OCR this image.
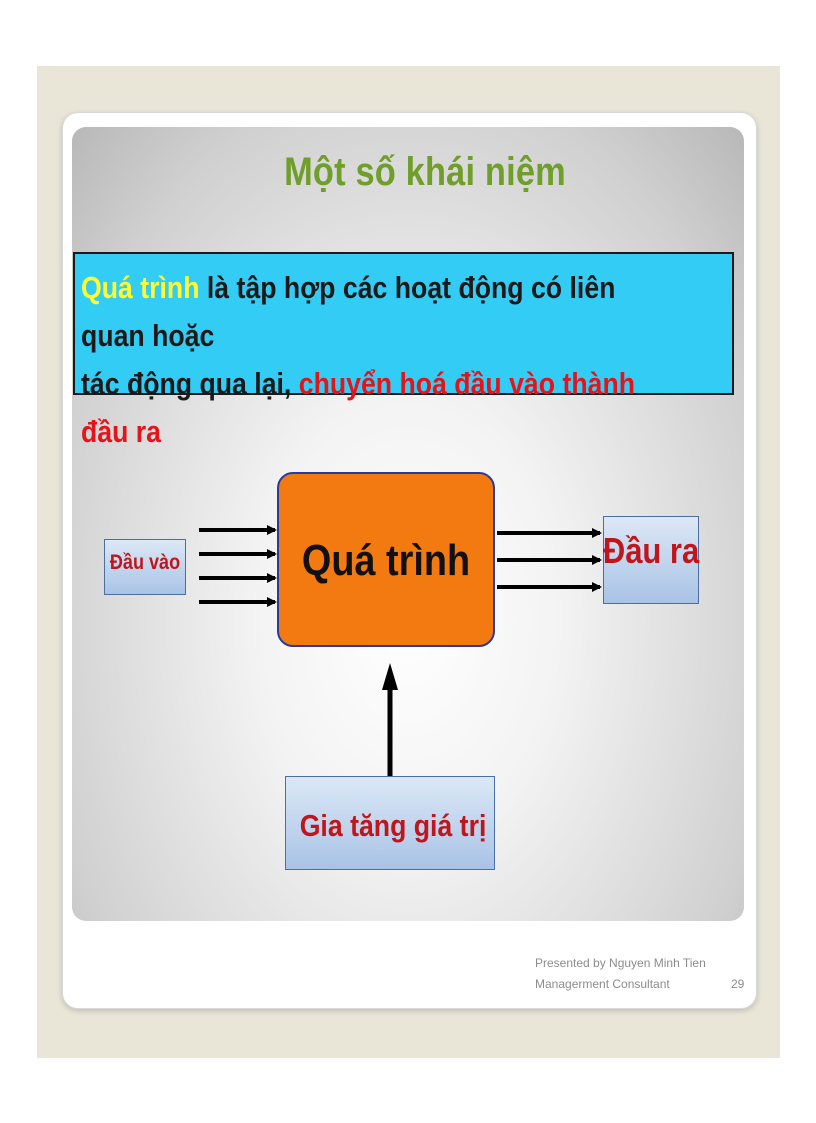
Một số khái niệm
Quá trình là tập hợp các hoạt động có liên quan hoặc
tác động qua lại, chuyển hoá đầu vào thành đầu ra
Đầu vào	Quá trình	Đầu ra
Gia tăng giá trị
Presented by Nguyen Minh Tien
Managerment Consultant	29
